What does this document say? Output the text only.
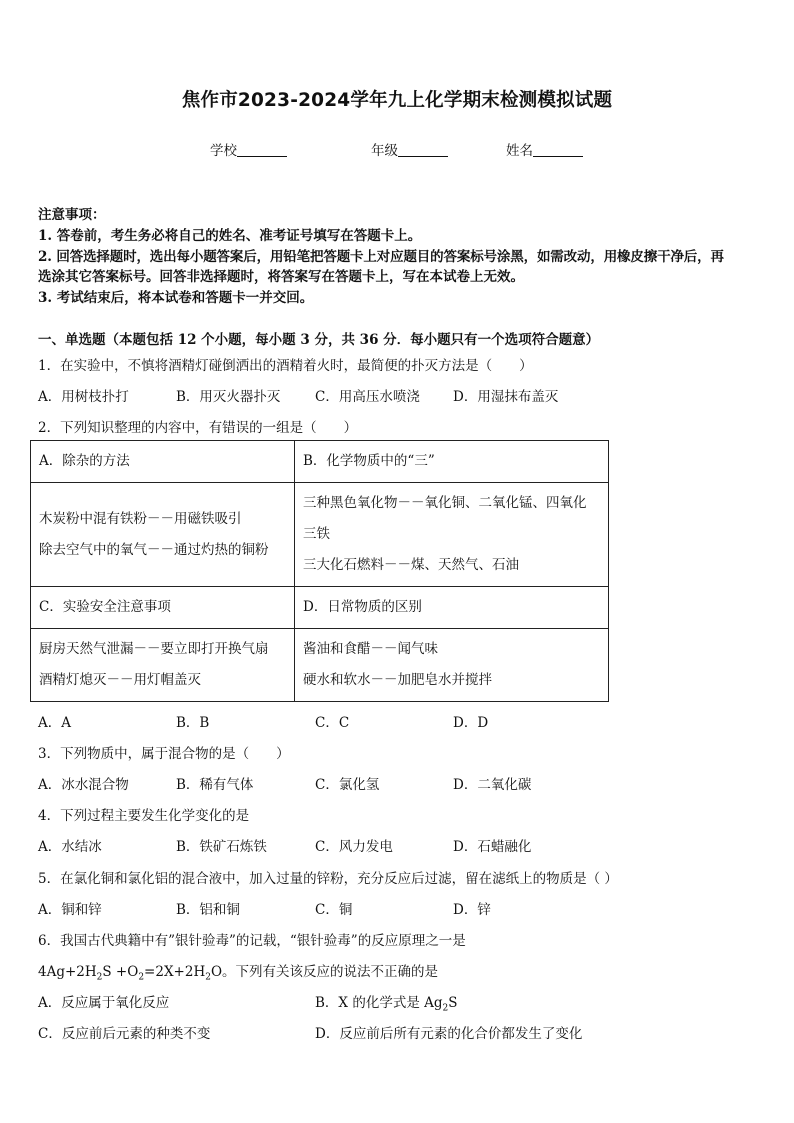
焦作市2023-2024学年九上化学期末检测模拟试题
学校	年级	姓名
注意事项：
1. 答卷前，考生务必将自己的姓名、准考证号填写在答题卡上。
2. 回答选择题时，选出每小题答案后，用铅笔把答题卡上对应题目的答案标号涂黑，如需改动，用橡皮擦干净后，再
选涂其它答案标号。回答非选择题时，将答案写在答题卡上，写在本试卷上无效。
3. 考试结束后，将本试卷和答题卡一并交回。
一、单选题（本题包括 12 个小题，每小题 3 分，共 36 分．每小题只有一个选项符合题意）
1．在实验中，不慎将酒精灯碰倒洒出的酒精着火时，最简便的扑灭方法是（　　）
A．用树枝扑打	B．用灭火器扑灭	C．用高压水喷浇 D．用湿抹布盖灭
2．下列知识整理的内容中，有错误的一组是（　　）
A．除杂的方法	B．化学物质中的“三”

木炭粉中混有铁粉－－用磁铁吸引
除去空气中的氧气－－通过灼热的铜粉	三种黑色氧化物－－氧化铜、二氧化锰、四氧化
三铁
三大化石燃料－－煤、天然气、石油

C．实验安全注意事项	D．日常物质的区别

厨房天然气泄漏－－要立即打开换气扇
酒精灯熄灭－－用灯帽盖灭	酱油和食醋－－闻气味
硬水和软水－－加肥皂水并搅拌
A．A	B．B	C．C	D．D
3．下列物质中，属于混合物的是（　　）
A．冰水混合物	B．稀有气体	C．氯化氢	D．二氧化碳
4．下列过程主要发生化学变化的是
A．水结冰	B．铁矿石炼铁	C．风力发电	D．石蜡融化
5．在氯化铜和氯化铝的混合液中，加入过量的锌粉，充分反应后过滤，留在滤纸上的物质是（ ）
A．铜和锌	B．铝和铜	C．铜	D．锌
6．我国古代典籍中有”银针验毒”的记载，“银针验毒”的反应原理之一是
$4Ag+2H_2S +O_2=2X+2H_2O$。下列有关该反应的说法不正确的是
A．反应属于氧化反应	B．X 的化学式是 $Ag_2S$
C．反应前后元素的种类不变	D．反应前后所有元素的化合价都发生了变化
